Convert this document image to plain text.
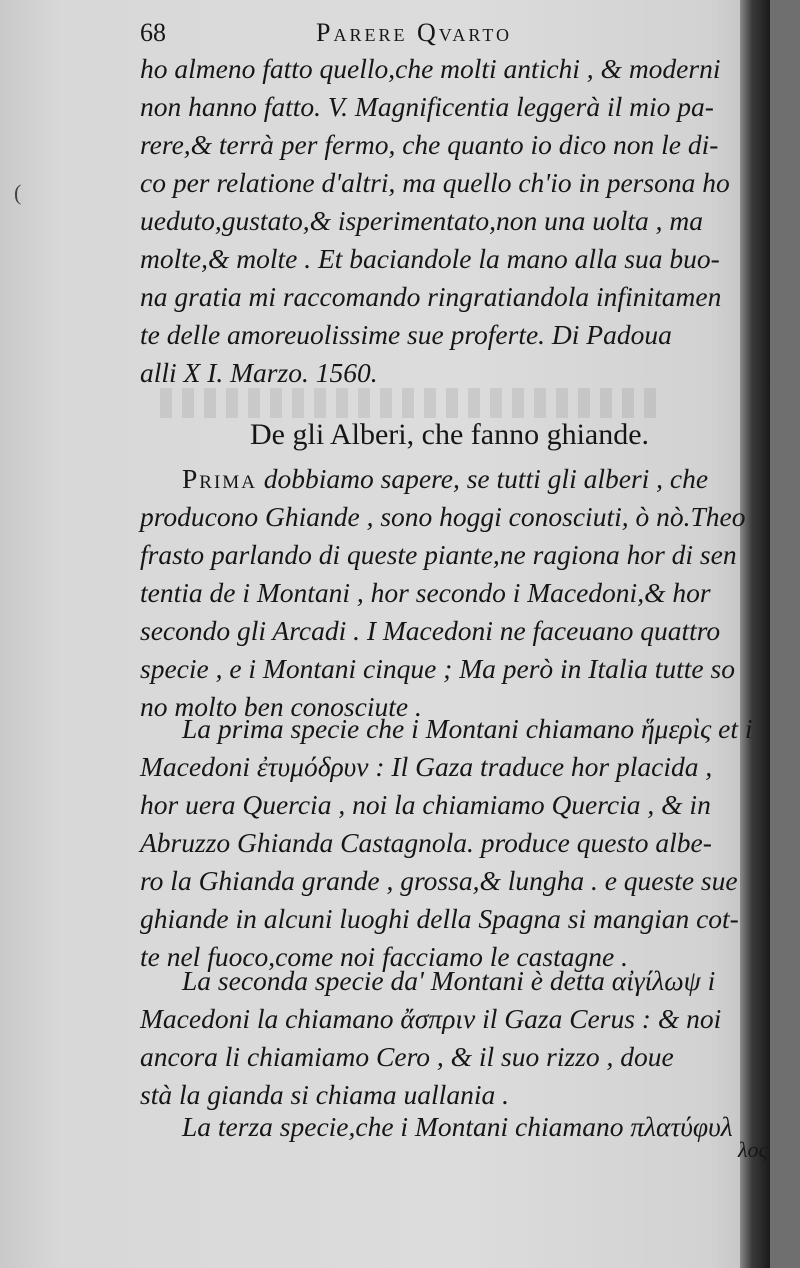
(
68	Parere Qvarto
ho almeno fatto quello,che molti antichi , & moderni
non hanno fatto. V. Magnificentia leggerà il mio pa-
rere,& terrà per fermo, che quanto io dico non le di-
co per relatione d'altri, ma quello ch'io in persona ho
ueduto,gustato,& isperimentato,non una uolta , ma
molte,& molte . Et baciandole la mano alla sua buo-
na gratia mi raccomando ringratiandola infinitamen
te delle amoreuolissime sue proferte. Di Padoua
alli X I. Marzo. 1560.
De gli Alberi, che fanno ghiande.
Prima dobbiamo sapere, se tutti gli alberi , che
producono Ghiande , sono hoggi conosciuti, ò nò.Theo
frasto parlando di queste piante,ne ragiona hor di sen
tentia de i Montani , hor secondo i Macedoni,& hor
secondo gli Arcadi . I Macedoni ne faceuano quattro
specie , e i Montani cinque ; Ma però in Italia tutte so
no molto ben conosciute .
La prima specie che i Montani chiamano ἥμερὶς et i
Macedoni ἐτυμόδρυν : Il Gaza traduce hor placida ,
hor uera Quercia , noi la chiamiamo Quercia , & in
Abruzzo Ghianda Castagnola. produce questo albe-
ro la Ghianda grande , grossa,& lungha . e queste sue
ghiande in alcuni luoghi della Spagna si mangian cot-
te nel fuoco,come noi facciamo le castagne .
La seconda specie da' Montani è detta αἰγίλωψ i
Macedoni la chiamano ἄσπριν il Gaza Cerus : & noi
ancora li chiamiamo Cero , & il suo rizzo , doue
stà la gianda si chiama uallania .
La terza specie,che i Montani chiamano πλατύφυλ
λος
